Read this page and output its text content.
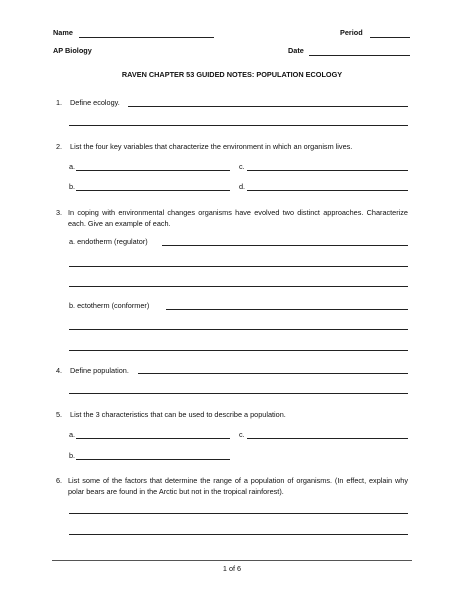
Name	Period
AP Biology	Date
RAVEN CHAPTER 53 GUIDED NOTES: POPULATION ECOLOGY
1. Define ecology.
2. List the four key variables that characterize the environment in which an organism lives.
a.	c.
b.	d.
3. In coping with environmental changes organisms have evolved two distinct approaches. Characterize each. Give an example of each.
a. endotherm (regulator)
b. ectotherm (conformer)
4. Define population.
5. List the 3 characteristics that can be used to describe a population.
a.	c.
b.
6. List some of the factors that determine the range of a population of organisms. (In effect, explain why polar bears are found in the Arctic but not in the tropical rainforest).
1 of 6
